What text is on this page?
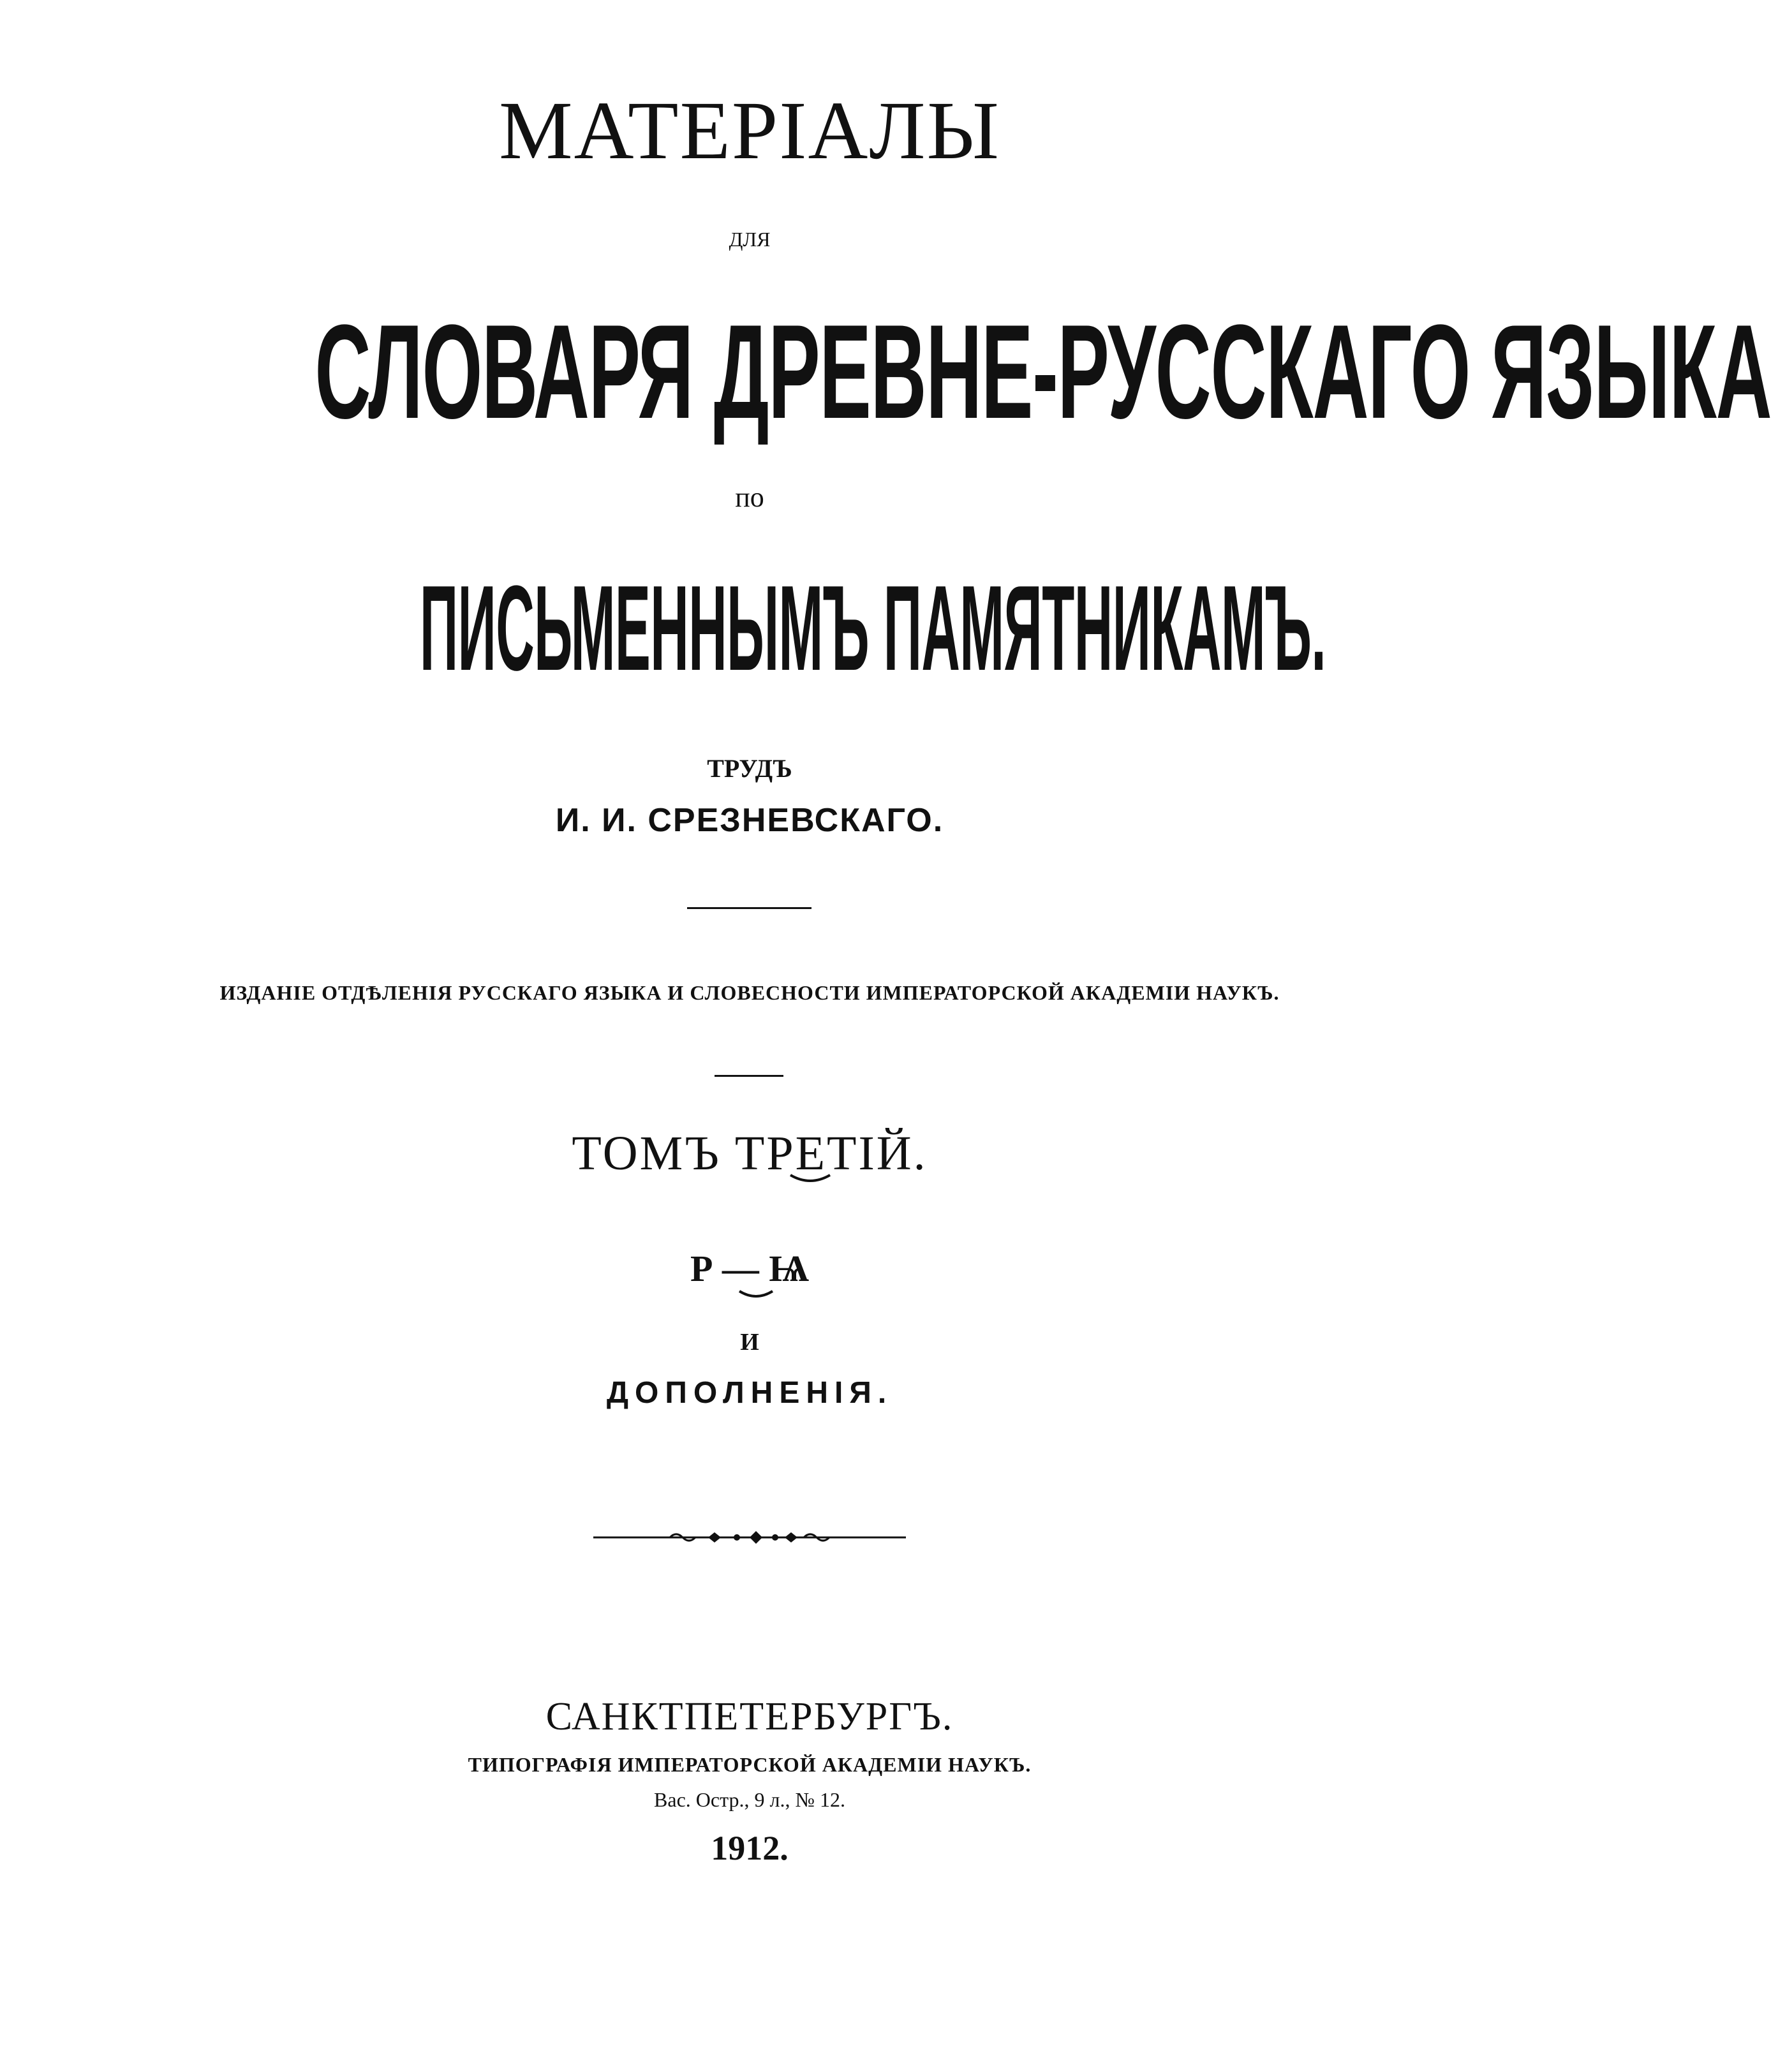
МАТЕРІАЛЫ
для
СЛОВАРЯ ДРЕВНЕ-РУССКАГО ЯЗЫКА
по
ПИСЬМЕННЫМЪ ПАМЯТНИКАМЪ.
ТРУДЪ
И. И. СРЕЗНЕВСКАГО.
ИЗДАНІЕ ОТДѢЛЕНІЯ РУССКАГО ЯЗЫКА И СЛОВЕСНОСТИ ИМПЕРАТОРСКОЙ АКАДЕМІИ НАУКЪ.
ТОМЪ ТРЕТІЙ.
Р — Ѩ
И
ДОПОЛНЕНІЯ.
САНКТПЕТЕРБУРГЪ.
ТИПОГРАФІЯ ИМПЕРАТОРСКОЙ АКАДЕМІИ НАУКЪ.
Вас. Остр., 9 л., № 12.
1912.
